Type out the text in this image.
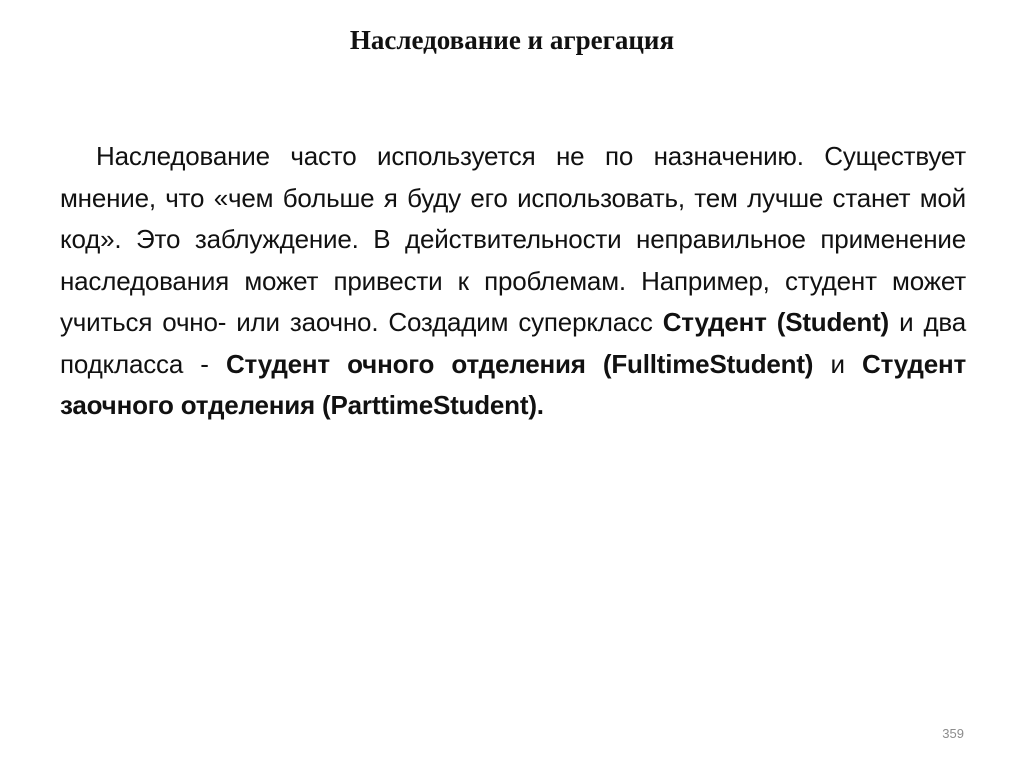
Наследование и агрегация

Наследование часто используется не по назначению. Существует мнение, что «чем больше я буду его использовать, тем лучше станет мой код». Это заблуждение. В действительности неправильное применение наследования может привести к проблемам. Например, студент может учиться очно- или заочно. Создадим суперкласс Студент (Student) и два подкласса - Студент очного отделения (FulltimeStudent) и Студент заочного отделения (ParttimeStudent).

359
